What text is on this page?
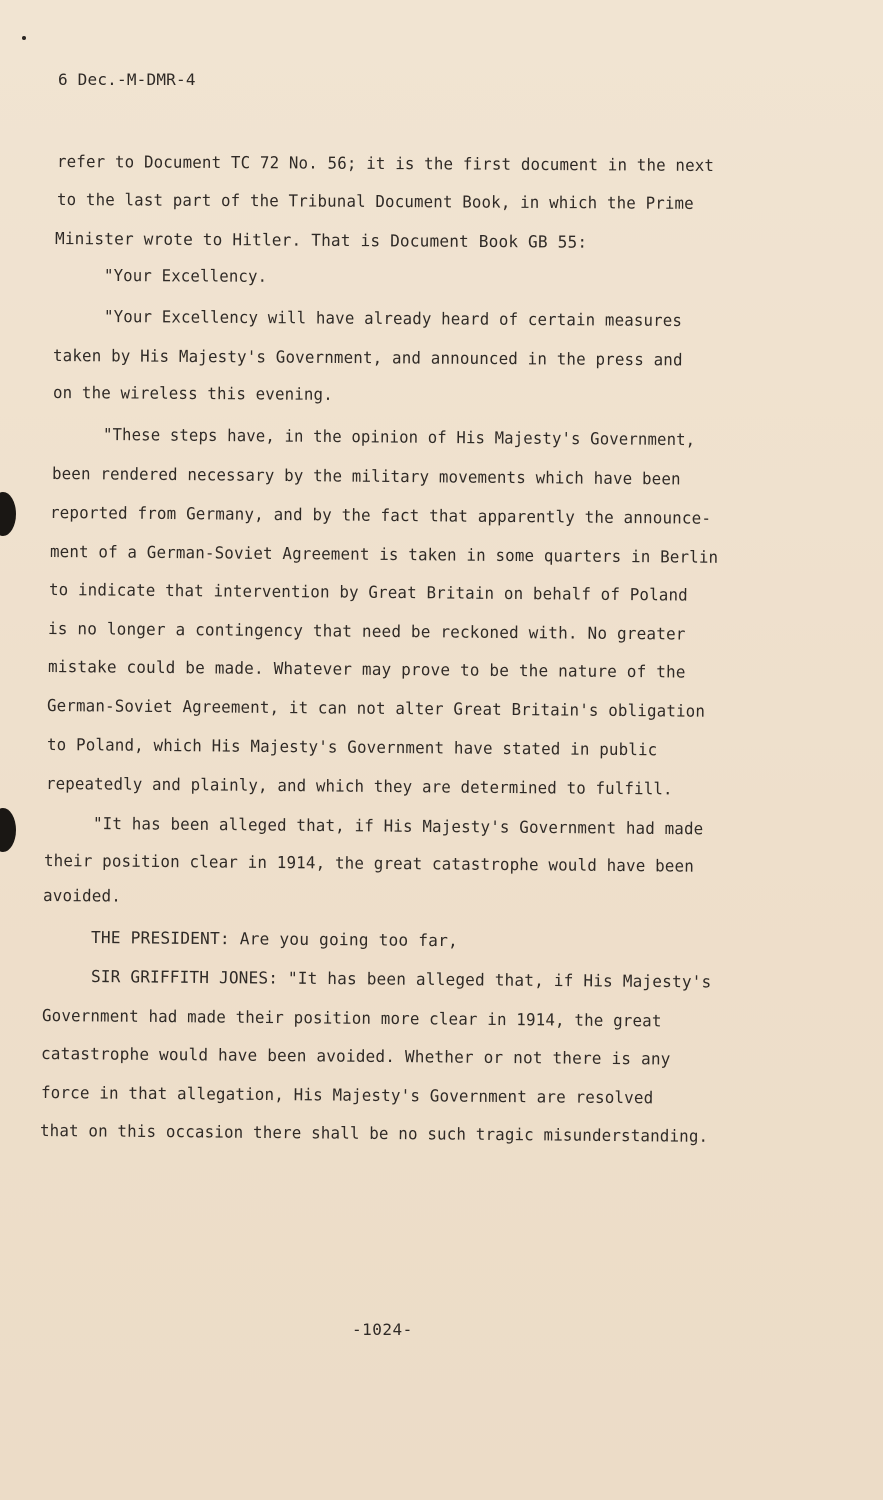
6 Dec.-M-DMR-4
refer to Document TC 72 No. 56; it is the first document in the next
to the last part of the Tribunal Document Book, in which the Prime
Minister wrote to Hitler. That is Document Book GB 55:
"Your Excellency.
"Your Excellency will have already heard of certain measures
taken by His Majesty's Government, and announced in the press and
on the wireless this evening.
"These steps have, in the opinion of His Majesty's Government,
been rendered necessary by the military movements which have been
reported from Germany, and by the fact that apparently the announce-
ment of a German-Soviet Agreement is taken in some quarters in Berlin
to indicate that intervention by Great Britain on behalf of Poland
is no longer a contingency that need be reckoned with. No greater
mistake could be made. Whatever may prove to be the nature of the
German-Soviet Agreement, it can not alter Great Britain's obligation
to Poland, which His Majesty's Government have stated in public
repeatedly and plainly, and which they are determined to fulfill.
"It has been alleged that, if His Majesty's Government had made
their position clear in 1914, the great catastrophe would have been
avoided.
THE PRESIDENT: Are you going too far,
SIR GRIFFITH JONES: "It has been alleged that, if His Majesty's
Government had made their position more clear in 1914, the great
catastrophe would have been avoided. Whether or not there is any
force in that allegation, His Majesty's Government are resolved
that on this occasion there shall be no such tragic misunderstanding.
-1024-
